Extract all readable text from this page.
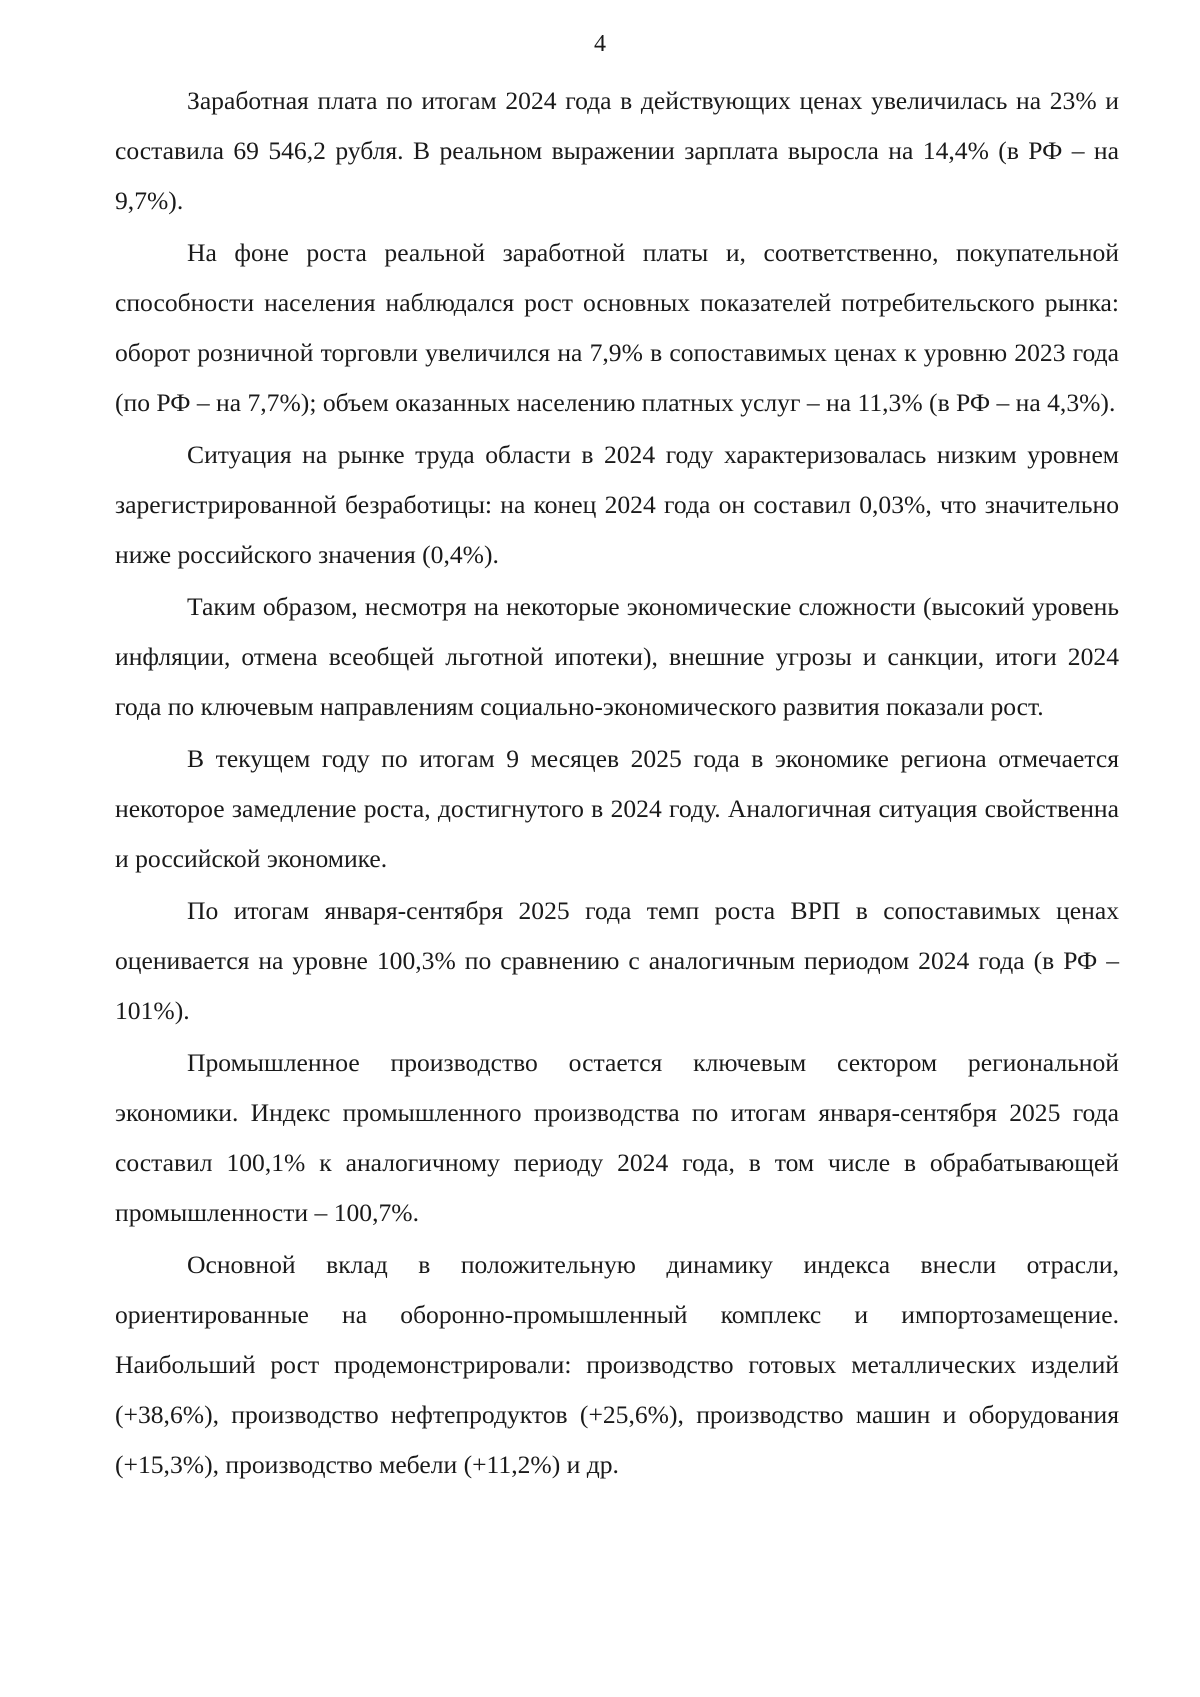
4

Заработная плата по итогам 2024 года в действующих ценах увеличилась на 23% и составила 69 546,2 рубля. В реальном выражении зарплата выросла на 14,4% (в РФ – на 9,7%).

На фоне роста реальной заработной платы и, соответственно, покупательной способности населения наблюдался рост основных показателей потребительского рынка: оборот розничной торговли увеличился на 7,9% в сопоставимых ценах к уровню 2023 года (по РФ – на 7,7%); объем оказанных населению платных услуг – на 11,3% (в РФ – на 4,3%).

Ситуация на рынке труда области в 2024 году характеризовалась низким уровнем зарегистрированной безработицы: на конец 2024 года он составил 0,03%, что значительно ниже российского значения (0,4%).

Таким образом, несмотря на некоторые экономические сложности (высокий уровень инфляции, отмена всеобщей льготной ипотеки), внешние угрозы и санкции, итоги 2024 года по ключевым направлениям социально-экономического развития показали рост.

В текущем году по итогам 9 месяцев 2025 года в экономике региона отмечается некоторое замедление роста, достигнутого в 2024 году. Аналогичная ситуация свойственна и российской экономике.

По итогам января-сентября 2025 года темп роста ВРП в сопоставимых ценах оценивается на уровне 100,3% по сравнению с аналогичным периодом 2024 года (в РФ – 101%).

Промышленное производство остается ключевым сектором региональной экономики. Индекс промышленного производства по итогам января-сентября 2025 года составил 100,1% к аналогичному периоду 2024 года, в том числе в обрабатывающей промышленности – 100,7%.

Основной вклад в положительную динамику индекса внесли отрасли, ориентированные на оборонно-промышленный комплекс и импортозамещение. Наибольший рост продемонстрировали: производство готовых металлических изделий (+38,6%), производство нефтепродуктов (+25,6%), производство машин и оборудования (+15,3%), производство мебели (+11,2%) и др.
